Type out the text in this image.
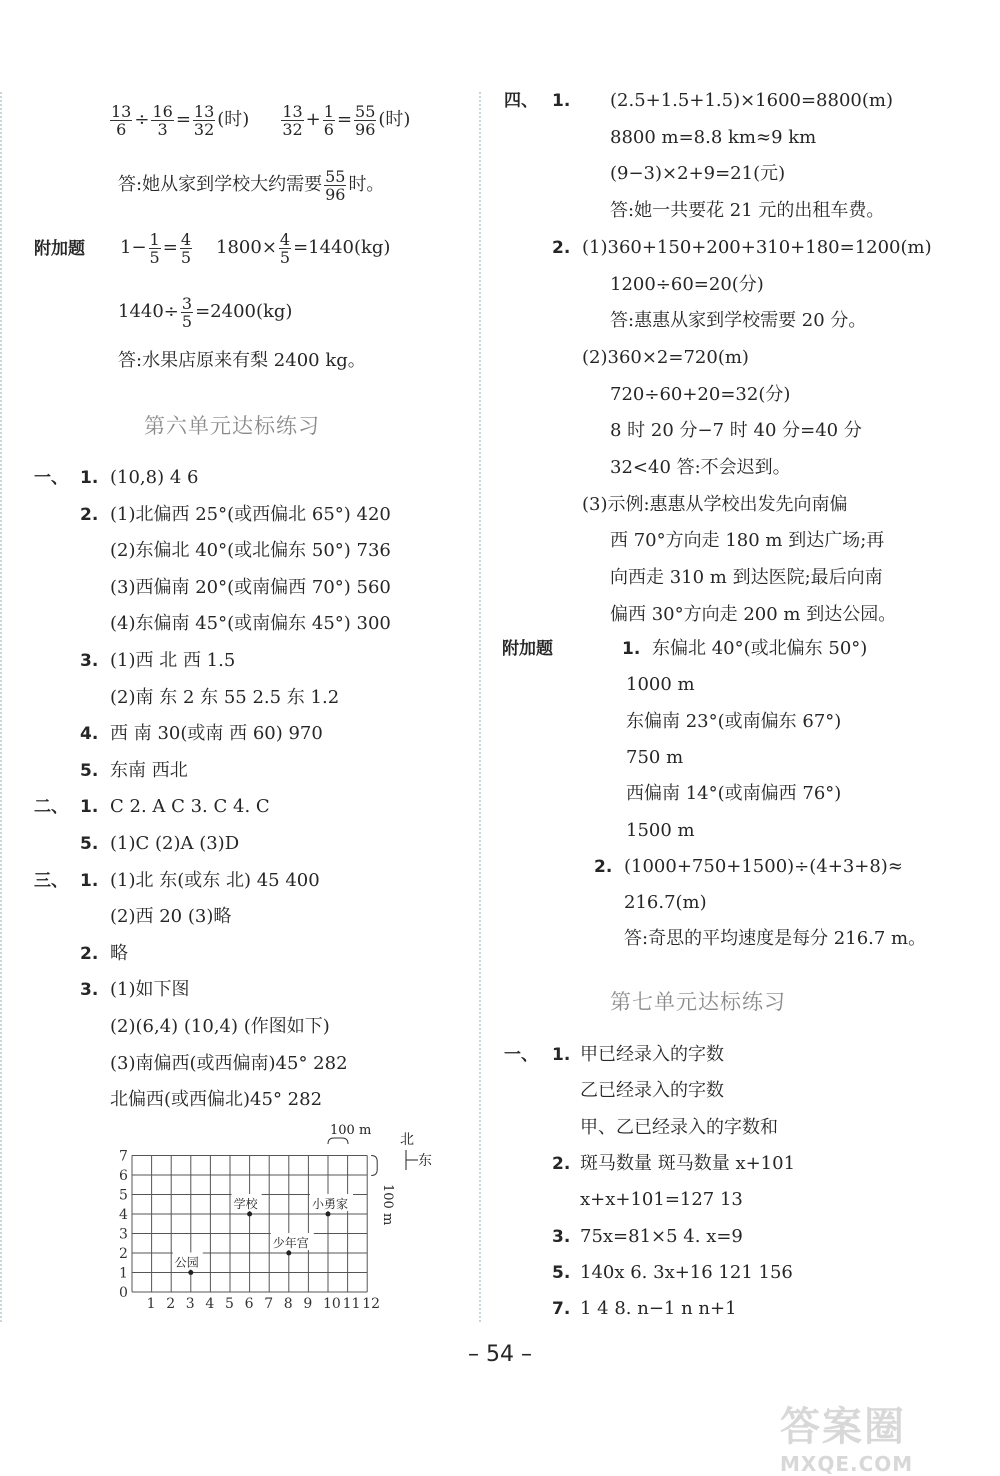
$\frac{13}{6} \div \frac{16}{3} = \frac{13}{32}$ (时) $\frac{13}{32} + \frac{1}{6} = \frac{55}{96}$ (时)
答:她从家到学校大约需要 $\frac{55}{96}$ 时。
附加题 $1- \frac{1}{5} = \frac{4}{5} 1800\times \frac{4}{5} =1440(kg)$
$1440\div \frac{3}{5} =2400(kg)$
答:水果店原来有梨 2400 kg。
第六单元达标练习
一、 1. (10,8) 4 6
2. (1)北偏西 25°(或西偏北 65°) 420
(2)东偏北 40°(或北偏东 50°) 736
(3)西偏南 20°(或南偏西 70°) 560
(4)东偏南 45°(或南偏东 45°) 300
3. (1)西 北 西 1.5
(2)南 东 2 东 55 2.5 东 1.2
4. 西 南 30(或南 西 60) 970
5. 东南 西北
二、 1. C 2. A C 3. C 4. C
5. (1)C (2)A (3)D
三、 1. (1)北 东(或东 北) 45 400
(2)西 20 (3)略
2. 略
3. (1)如下图
(2)(6,4) (10,4) (作图如下)
(3)南偏西(或西偏南)45° 282
北偏西(或西偏北)45° 282
0
1
2
3
4
5
6
7
1 2 3 4 5 6 7 8 9 10 11 12
学校	小勇家
少年宫
公园
100 m
100 m
北
东
四、 1. (2.5+1.5+1.5)×1600=8800(m)
8800 m=8.8 km≈9 km
(9−3)×2+9=21(元)
答:她一共要花 21 元的出租车费。
2. (1)360+150+200+310+180=1200(m)
1200÷60=20(分)
答:惠惠从家到学校需要 20 分。
(2)360×2=720(m)
720÷60+20=32(分)
8 时 20 分−7 时 40 分=40 分
32<40 答:不会迟到。
(3)示例:惠惠从学校出发先向南偏
西 70°方向走 180 m 到达广场;再
向西走 310 m 到达医院;最后向南
偏西 30°方向走 200 m 到达公园。
附加题	1. 东偏北 40°(或北偏东 50°)
1000 m
东偏南 23°(或南偏东 67°)
750 m
西偏南 14°(或南偏西 76°)
1500 m
2. (1000+750+1500)÷(4+3+8)≈
216.7(m)
答:奇思的平均速度是每分 216.7 m。
第七单元达标练习
一、 1. 甲已经录入的字数
乙已经录入的字数
甲、乙已经录入的字数和
2. 斑马数量 斑马数量 x+101
x+x+101=127 13
3. 75x=81×5 4. x=9
5. 140x 6. 3x+16 121 156
7. 1 4 8. n−1 n n+1
– 54 –
答案圈
MXQE.COM
